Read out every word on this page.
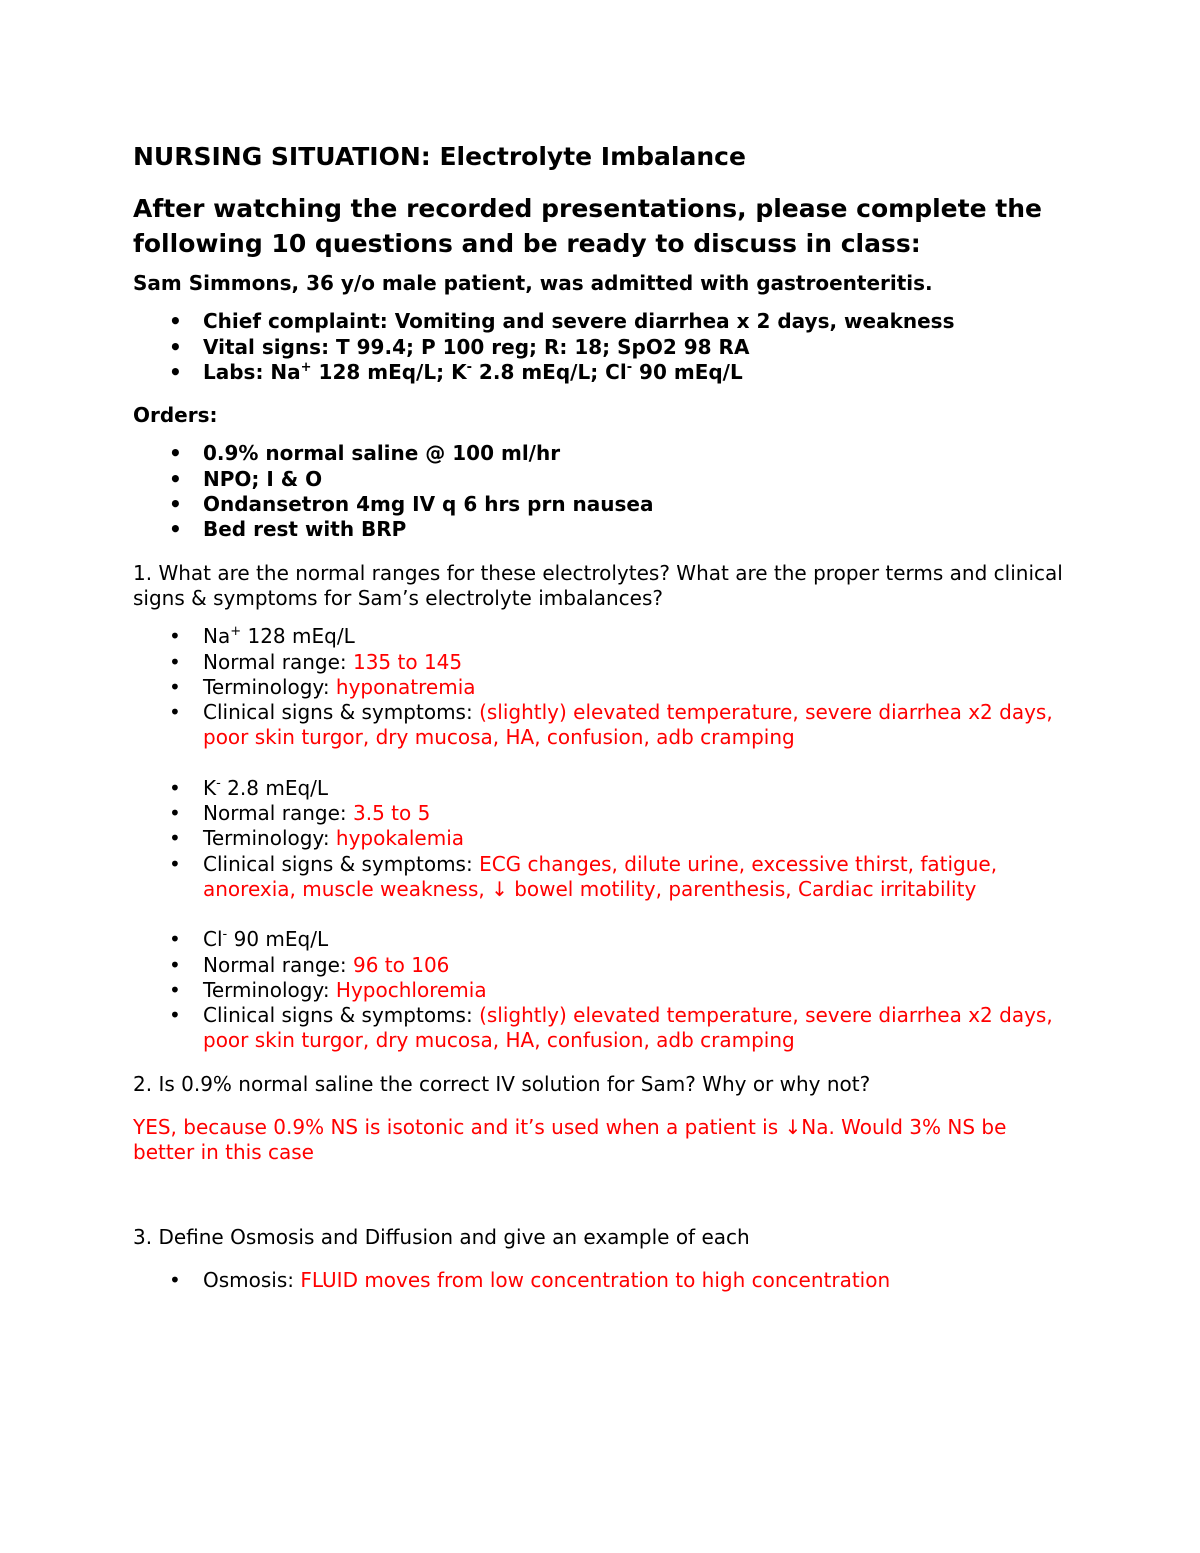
NURSING SITUATION: Electrolyte Imbalance

After watching the recorded presentations, please complete the following 10 questions and be ready to discuss in class:

Sam Simmons, 36 y/o male patient, was admitted with gastroenteritis.

• Chief complaint: Vomiting and severe diarrhea x 2 days, weakness
• Vital signs: T 99.4; P 100 reg; R: 18; SpO2 98 RA
• Labs: Na+ 128 mEq/L; K- 2.8 mEq/L; Cl- 90 mEq/L

Orders:

• 0.9% normal saline @ 100 ml/hr
• NPO; I & O
• Ondansetron 4mg IV q 6 hrs prn nausea
• Bed rest with BRP

1. What are the normal ranges for these electrolytes? What are the proper terms and clinical signs & symptoms for Sam’s electrolyte imbalances?

• Na+ 128 mEq/L
• Normal range: 135 to 145
• Terminology: hyponatremia
• Clinical signs & symptoms: (slightly) elevated temperature, severe diarrhea x2 days, poor skin turgor, dry mucosa, HA, confusion, adb cramping
• K- 2.8 mEq/L
• Normal range: 3.5 to 5
• Terminology: hypokalemia
• Clinical signs & symptoms: ECG changes, dilute urine, excessive thirst, fatigue, anorexia, muscle weakness, ↓ bowel motility, parenthesis, Cardiac irritability
• Cl- 90 mEq/L
• Normal range: 96 to 106
• Terminology: Hypochloremia
• Clinical signs & symptoms: (slightly) elevated temperature, severe diarrhea x2 days, poor skin turgor, dry mucosa, HA, confusion, adb cramping

2. Is 0.9% normal saline the correct IV solution for Sam? Why or why not?

YES, because 0.9% NS is isotonic and it’s used when a patient is ↓Na. Would 3% NS be better in this case

3. Define Osmosis and Diffusion and give an example of each

• Osmosis: FLUID moves from low concentration to high concentration
